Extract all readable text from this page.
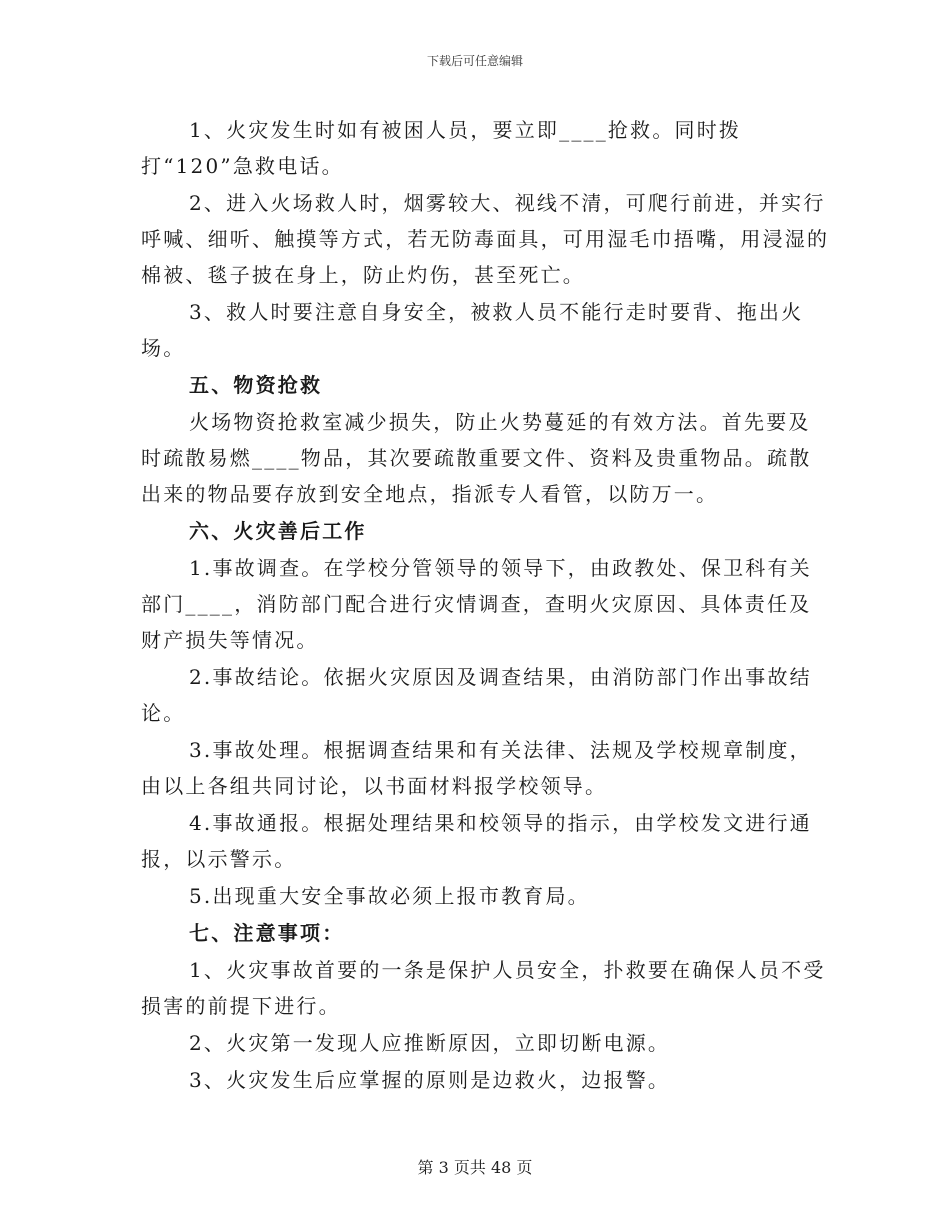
下载后可任意编辑
1、火灾发生时如有被困人员，要立即____抢救。同时拨打“120”急救电话。
2、进入火场救人时，烟雾较大、视线不清，可爬行前进，并实行呼喊、细听、触摸等方式，若无防毒面具，可用湿毛巾捂嘴，用浸湿的棉被、毯子披在身上，防止灼伤，甚至死亡。
3、救人时要注意自身安全，被救人员不能行走时要背、拖出火场。
五、物资抢救
火场物资抢救室减少损失，防止火势蔓延的有效方法。首先要及时疏散易燃____物品，其次要疏散重要文件、资料及贵重物品。疏散出来的物品要存放到安全地点，指派专人看管，以防万一。
六、火灾善后工作
1.事故调查。在学校分管领导的领导下，由政教处、保卫科有关部门____，消防部门配合进行灾情调查，查明火灾原因、具体责任及财产损失等情况。
2.事故结论。依据火灾原因及调查结果，由消防部门作出事故结论。
3.事故处理。根据调查结果和有关法律、法规及学校规章制度，由以上各组共同讨论，以书面材料报学校领导。
4.事故通报。根据处理结果和校领导的指示，由学校发文进行通报，以示警示。
5.出现重大安全事故必须上报市教育局。
七、注意事项：
1、火灾事故首要的一条是保护人员安全，扑救要在确保人员不受损害的前提下进行。
2、火灾第一发现人应推断原因，立即切断电源。
3、火灾发生后应掌握的原则是边救火，边报警。
第 3 页共 48 页
